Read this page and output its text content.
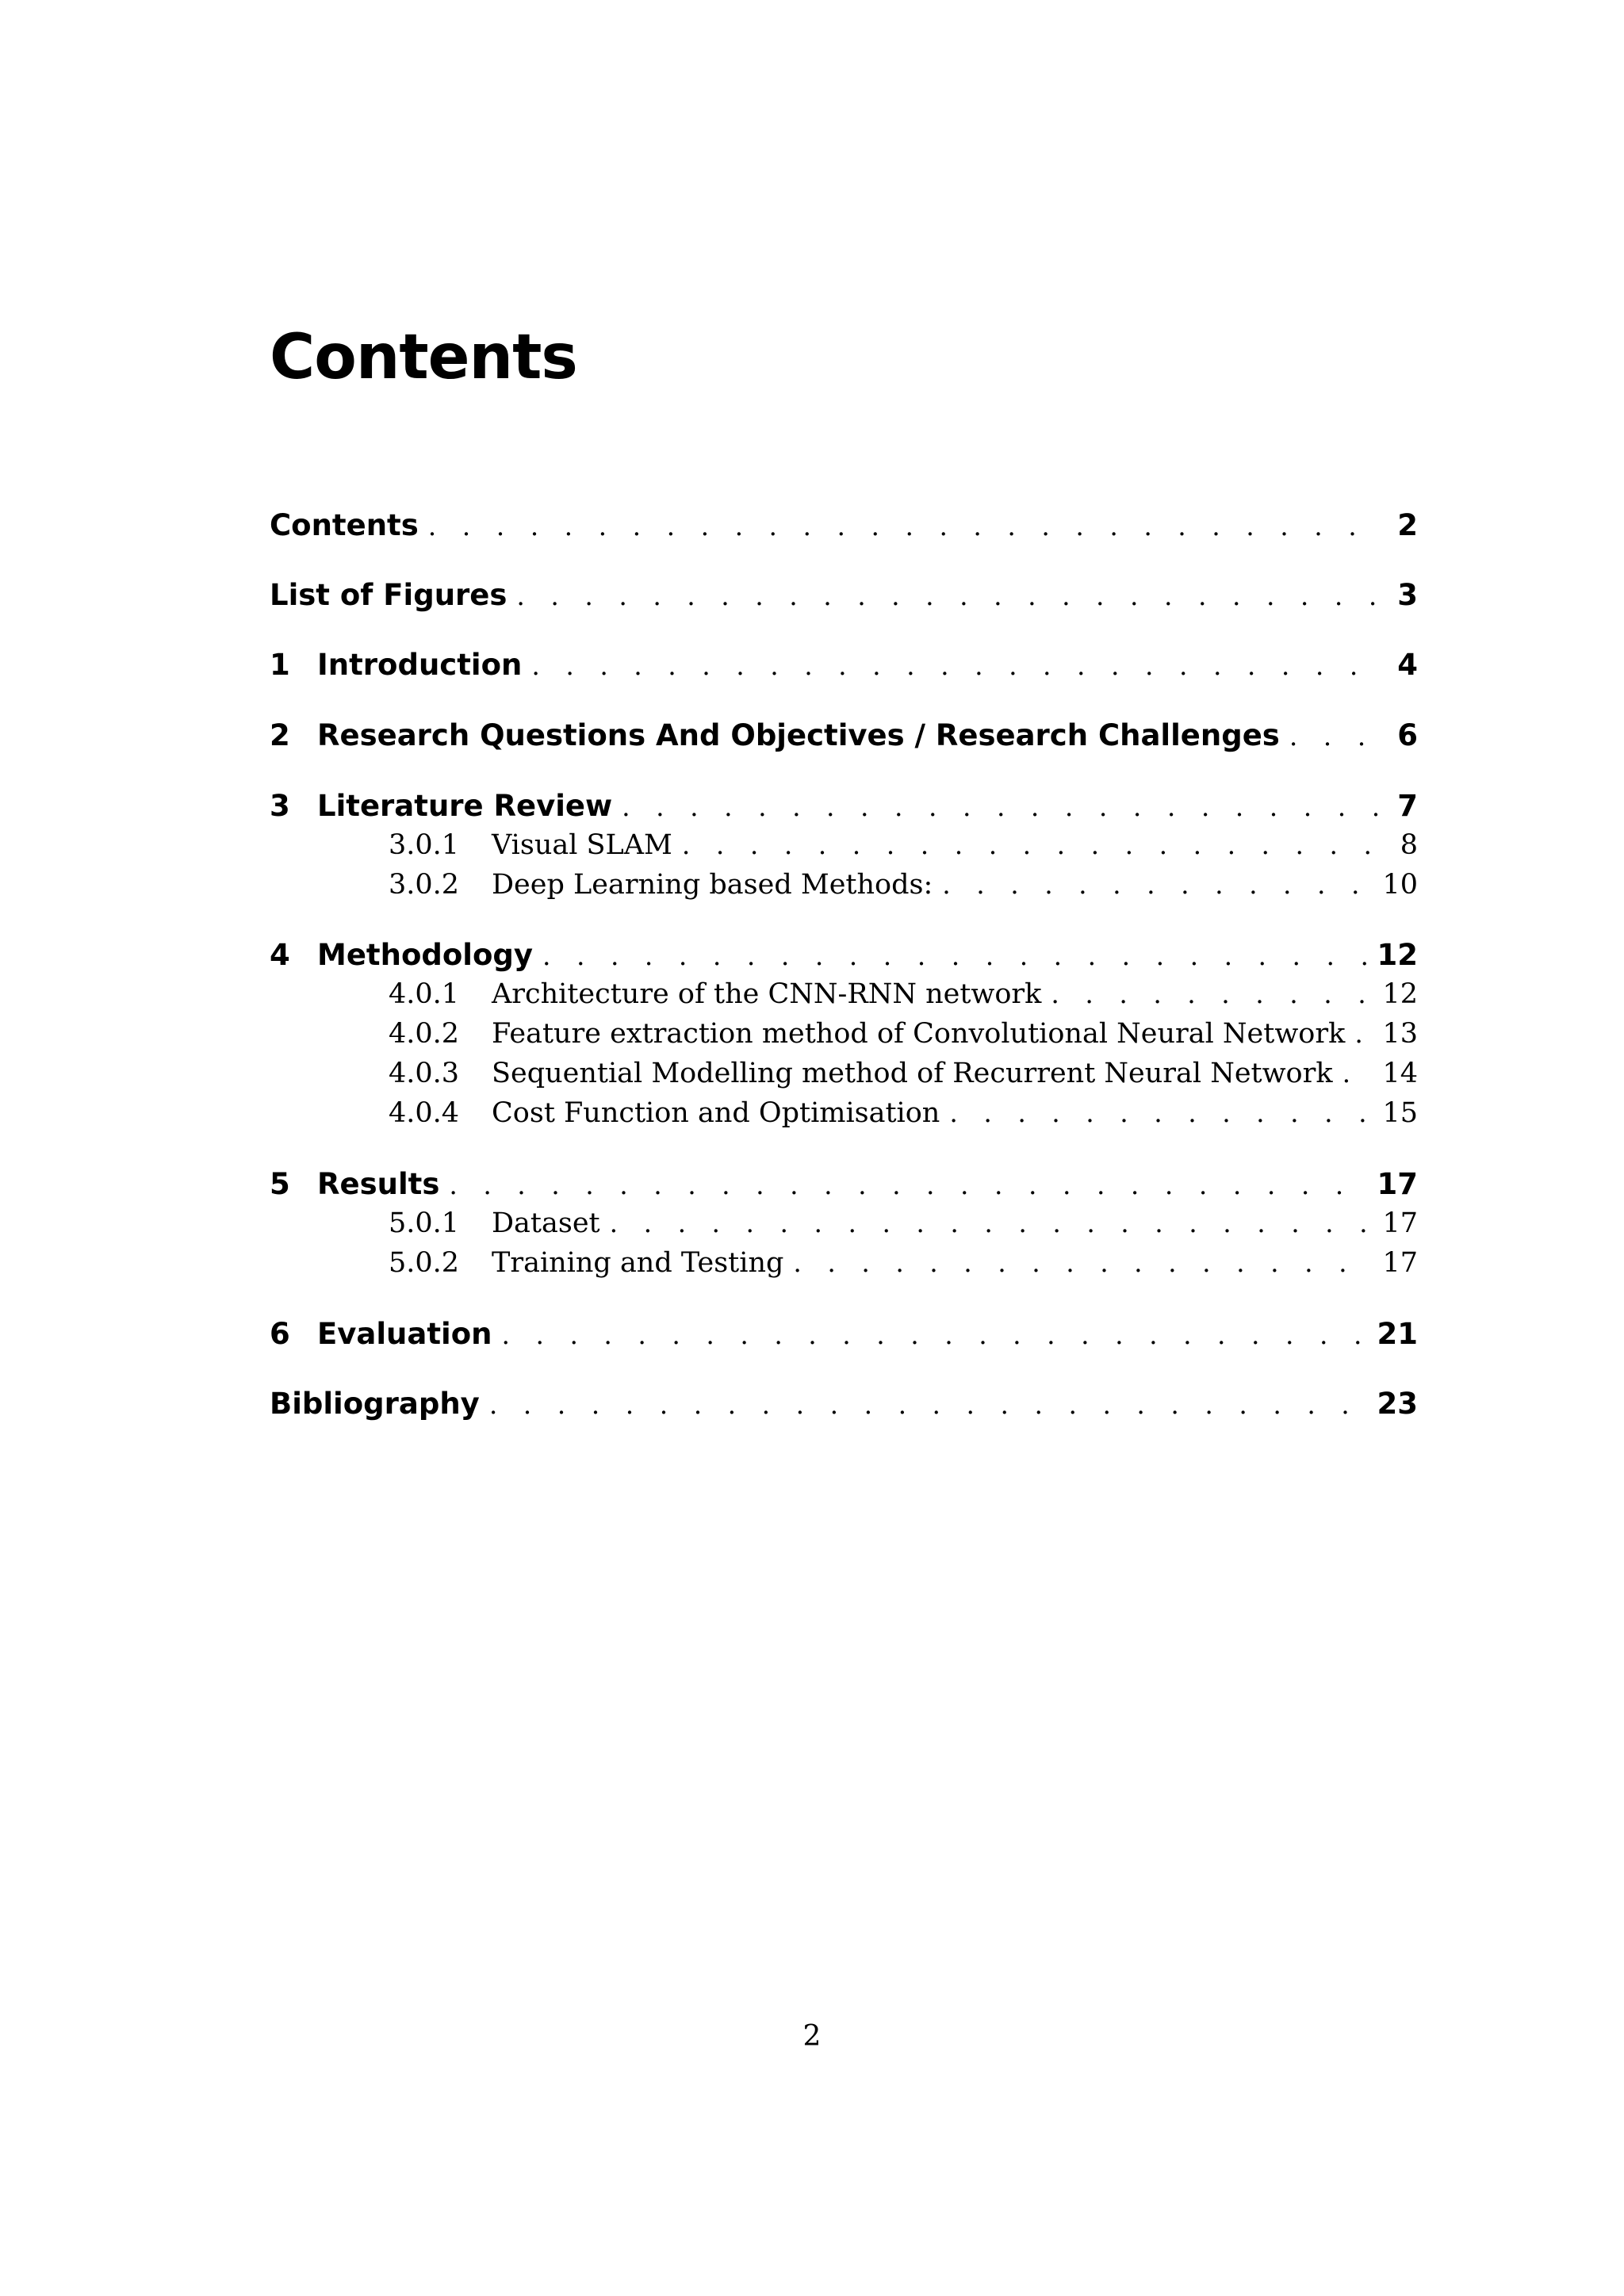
Contents
Contents . . .	2
List of Figures . . .	3
1 Introduction . . .	4
2 Research Questions And Objectives / Research Challenges . . .	6
3 Literature Review . . .	7
3.0.1	Visual SLAM . . .	8
3.0.2	Deep Learning based Methods: . . .	10
4 Methodology . . .	12
4.0.1	Architecture of the CNN-RNN network . . .	12
4.0.2	Feature extraction method of Convolutional Neural Network . . . 13
4.0.3	Sequential Modelling method of Recurrent Neural Network . . . 14
4.0.4	Cost Function and Optimisation . . .	15
5 Results . . .	17
5.0.1	Dataset . . .	17
5.0.2	Training and Testing . . .	17
6 Evaluation . . .	21
Bibliography . . .	23
2
